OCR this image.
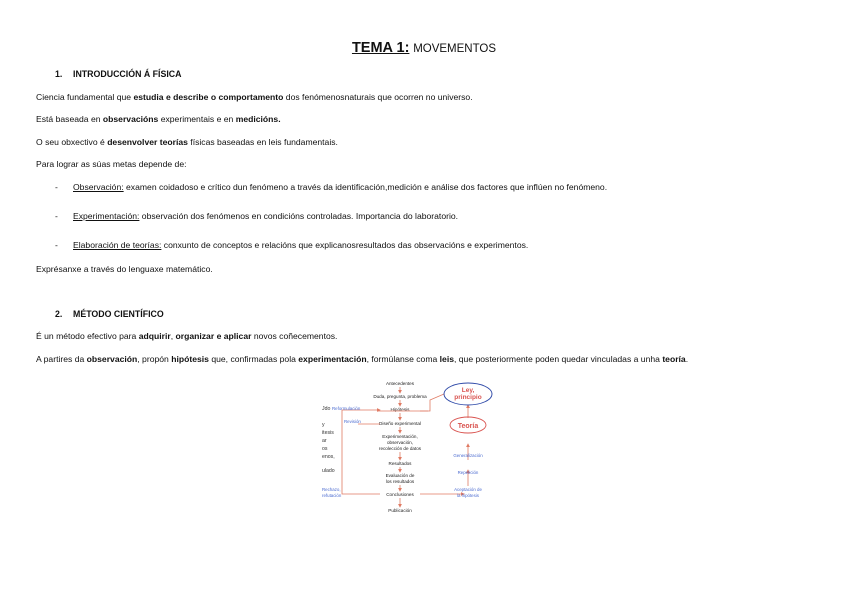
TEMA 1: MOVEMENTOS
1. INTRODUCCIÓN Á FÍSICA
Ciencia fundamental que estudia e describe o comportamento dos fenómenosnaturais que ocorren no universo.
Está baseada en observacións experimentais e en medicións.
O seu obxectivo é desenvolver teorías físicas baseadas en leis fundamentais.
Para lograr as súas metas depende de:
- Observación: examen coidadoso e crítico dun fenómeno a través da identificación,medición e análise dos factores que inflúen no fenómeno.
- Experimentación: observación dos fenómenos en condicións controladas. Importancia do laboratorio.
- Elaboración de teorías: conxunto de conceptos e relacións que explicanosresultados das observacións e experimentos.
Exprésanxe a través do lenguaxe matemático.
2. MÉTODO CIENTÍFICO
É un método efectivo para adquirir, organizar e aplicar novos coñecementos.
A partires da observación, propón hipótesis que, confirmadas pola experimentación, formúlanse coma leis, que posteriormente poden quedar vinculadas a unha teoría.
Antecedentes
Duda, pregunta, problema
Hipótesis
Diseño experimental
Experimentación,
observación,
recolección de datos
Resultados
Evaluación de
los resultados
Conclusiones
Publicación
Ley,
principio
Teoría
Generalización
Repetición
Aceptación de
la hipótesis
Reformulación
Revisión
Rechazo,
refutación
Jdo
y
itesis
ar
os
enos,
ulado
